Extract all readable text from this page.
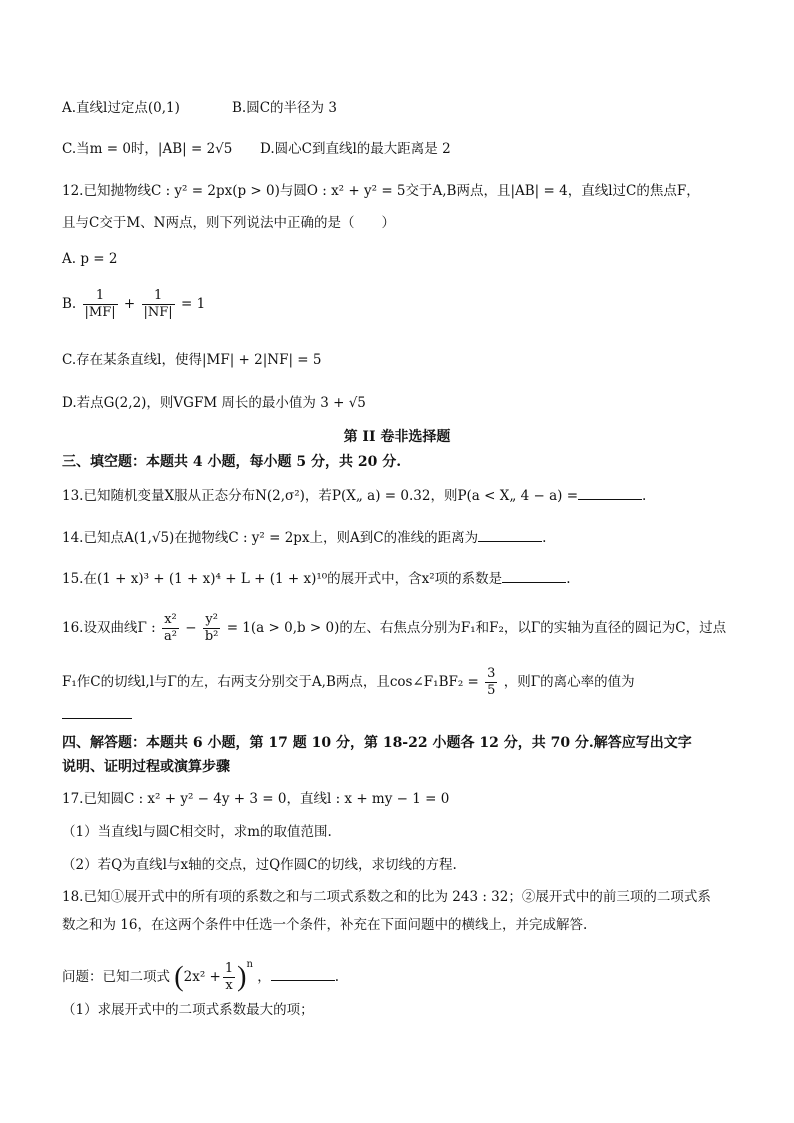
A.直线l过定点(0,1)	B.圆C的半径为 3
C.当m = 0时，|AB| = 2√5 D.圆心C到直线l的最大距离是 2
12.已知抛物线C : y² = 2px(p > 0)与圆O : x² + y² = 5交于A,B两点，且|AB| = 4，直线l过C的焦点F，
且与C交于M、N两点，则下列说法中正确的是（　　）
A. p = 2
B. $\frac{1}{|MF|} + \frac{1}{|NF|} = 1$
C.存在某条直线l，使得|MF| + 2|NF| = 5
D.若点G(2,2)，则VGFM 周长的最小值为 3 + √5
第 II 卷非选择题
三、填空题：本题共 4 小题，每小题 5 分，共 20 分.
13.已知随机变量X服从正态分布N(2,σ²)，若P(X„ a) = 0.32，则P(a < X„ 4 − a) =	.
14.已知点A(1,√5)在抛物线C : y² = 2px上，则A到C的准线的距离为	.
15.在(1 + x)³ + (1 + x)⁴ + L + (1 + x)¹⁰的展开式中，含x²项的系数是	.
16.设双曲线Γ : $\frac{\text{x²}}{\text{a²}} - \frac{\text{y²}}{\text{b²}} = 1(a > 0,b > 0)$的左、右焦点分别为F₁和F₂，以Γ的实轴为直径的圆记为C，过点
F₁作C的切线l,l与Γ的左，右两支分别交于A,B两点，且cos∠F₁BF₂ = $\frac{3}{5}$ ，则Γ的离心率的值为
四、解答题：本题共 6 小题，第 17 题 10 分，第 18-22 小题各 12 分，共 70 分.解答应写出文字
说明、证明过程或演算步骤
17.已知圆C : x² + y² − 4y + 3 = 0，直线l : x + my − 1 = 0
（1）当直线l与圆C相交时，求m的取值范围.
（2）若Q为直线l与x轴的交点，过Q作圆C的切线，求切线的方程.
18.已知①展开式中的所有项的系数之和与二项式系数之和的比为 243 : 32；②展开式中的前三项的二项式系
数之和为 16，在这两个条件中任选一个条件，补充在下面问题中的横线上，并完成解答.
问题：已知二项式 $(2x^2 + \frac{1}{x} )^n$ ，	.
（1）求展开式中的二项式系数最大的项；
